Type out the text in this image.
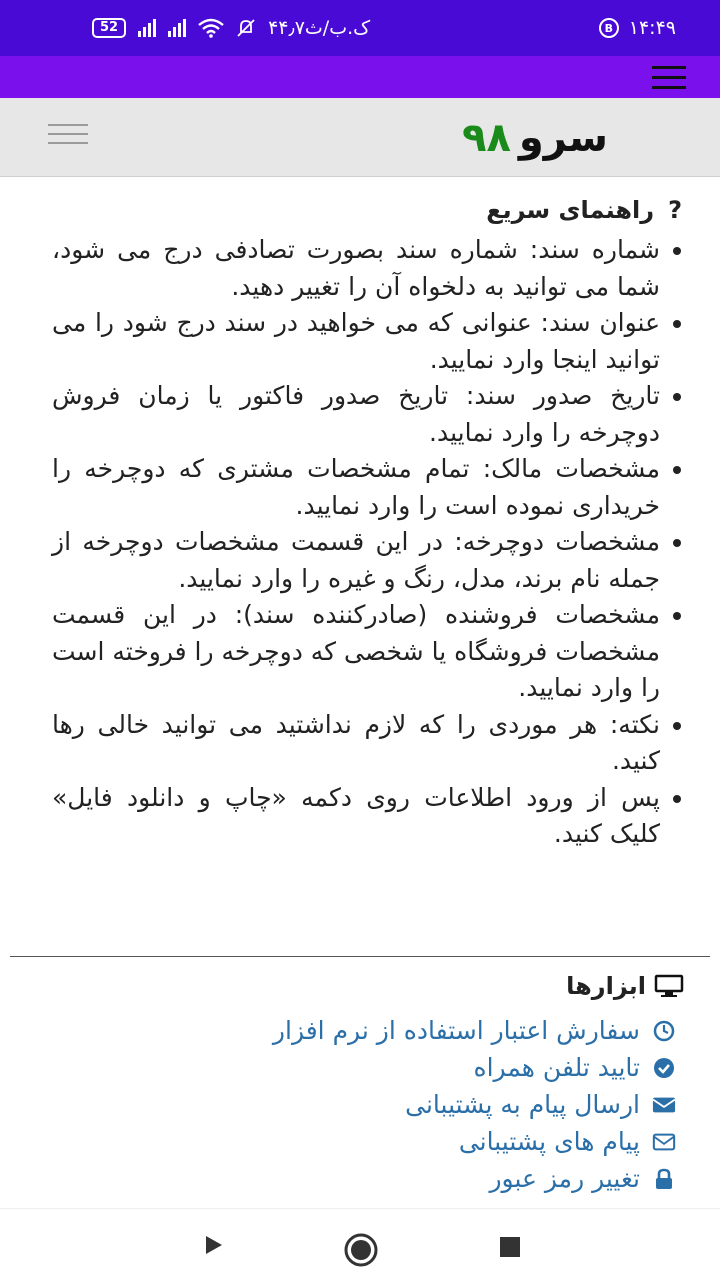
52	۴۴٫۷ک.ب/ث	B ۱۴:۴۹
سرو۹۸
?
راهنمای سریع
شماره سند: شماره سند بصورت تصادفی درج می شود، شما می توانید به دلخواه آن را تغییر دهید.
عنوان سند: عنوانی که می خواهید در سند درج شود را می توانید اینجا وارد نمایید.
تاریخ صدور سند: تاریخ صدور فاکتور یا زمان فروش دوچرخه را وارد نمایید.
مشخصات مالک: تمام مشخصات مشتری که دوچرخه را خریداری نموده است را وارد نمایید.
مشخصات دوچرخه: در این قسمت مشخصات دوچرخه از جمله نام برند، مدل، رنگ و غیره را وارد نمایید.
مشخصات فروشنده (صادرکننده سند): در این قسمت مشخصات فروشگاه یا شخصی که دوچرخه را فروخته است را وارد نمایید.
نکته: هر موردی را که لازم نداشتید می توانید خالی رها کنید.
پس از ورود اطلاعات روی دکمه «چاپ و دانلود فایل» کلیک کنید.
ابزارها
سفارش اعتبار استفاده از نرم افزار
تایید تلفن همراه
ارسال پیام به پشتیبانی
پیام های پشتیبانی
تغییر رمز عبور
